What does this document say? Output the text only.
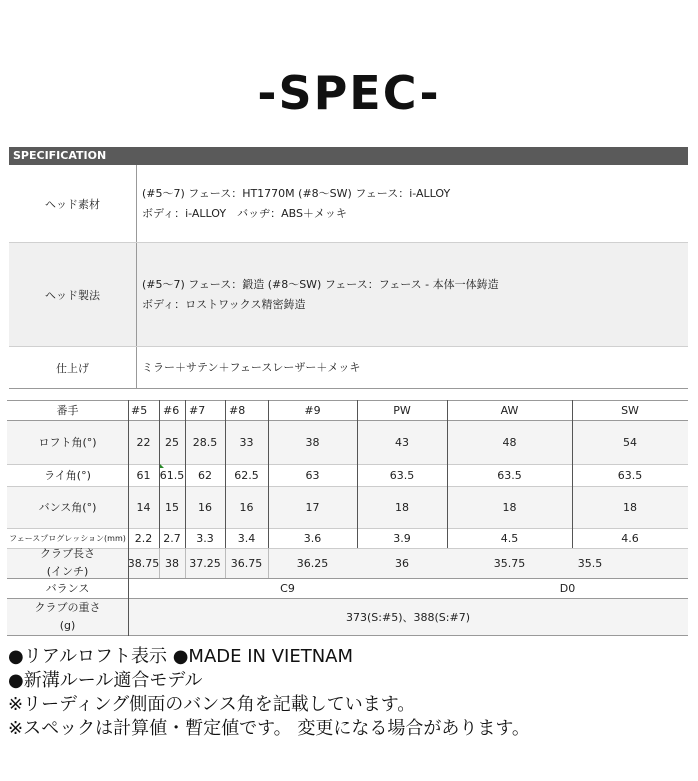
-SPEC-
SPECIFICATION
ヘッド素材
(#5〜7) フェース：HT1770M (#8〜SW) フェース：i-ALLOY
ボディ：i-ALLOY　バッヂ：ABS＋メッキ
ヘッド製法
(#5〜7) フェース：鍛造 (#8〜SW) フェース：フェース - 本体一体鋳造
ボディ：ロストワックス精密鋳造
仕上げ	ミラー＋サテン＋フェースレーザー＋メッキ
番手	#5	#6 #7	#8	#9	PW	AW	SW
ロフト角(°)	22	25	28.5	33	38	43	48	54
ライ角(°)	61 61.5	62	62.5	63	63.5	63.5	63.5
バンス角(°)	14	15	16	16	17	18	18	18
フェースプログレッション(mm) 2.2	2.7	3.3	3.4	3.6	3.9	4.5	4.6
クラブ長さ
(インチ)
38.75 38 37.25 36.75	36.25	36	35.75	35.5
バランス	C9	D0
クラブの重さ
(g)
373(S:#5)、388(S:#7)
●リアルロフト表示 ●MADE IN VIETNAM
●新溝ルール適合モデル
※リーディング側面のバンス角を記載しています。
※スペックは計算値・暫定値です。 変更になる場合があります。
